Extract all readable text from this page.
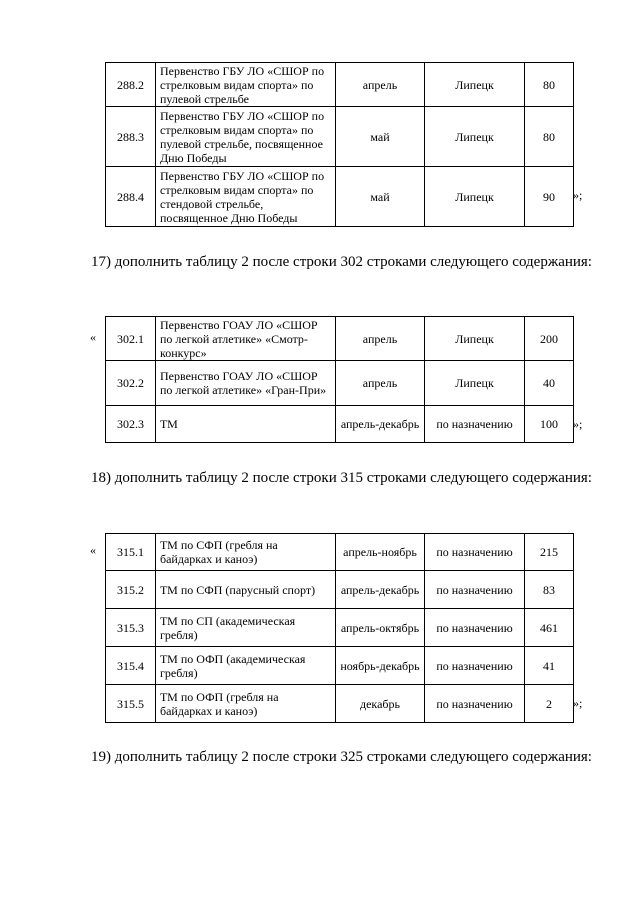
288.2	Первенство ГБУ ЛО «СШОР по стрелковым видам спорта» по пулевой стрельбе	апрель	Липецк	80
288.3	Первенство ГБУ ЛО «СШОР по стрелковым видам спорта» по пулевой стрельбе, посвященное Дню Победы	май	Липецк	80
288.4	Первенство ГБУ ЛО «СШОР по стрелковым видам спорта» по стендовой стрельбе, посвященное Дню Победы	май	Липецк	90 »;
17) дополнить таблицу 2 после строки 302 строками следующего содержания:
« 302.1	Первенство ГОАУ ЛО «СШОР по легкой атлетике» «Смотр-конкурс»	апрель	Липецк	200
302.2	Первенство ГОАУ ЛО «СШОР по легкой атлетике» «Гран-При»	апрель	Липецк	40
302.3	ТМ	апрель-декабрь	по назначению	100 »;
18) дополнить таблицу 2 после строки 315 строками следующего содержания:
« 315.1	ТМ по СФП (гребля на байдарках и каноэ)	апрель-ноябрь	по назначению	215
315.2	ТМ по СФП (парусный спорт)	апрель-декабрь	по назначению	83
315.3	ТМ по СП (академическая гребля)	апрель-октябрь	по назначению	461
315.4	ТМ по ОФП (академическая гребля)	ноябрь-декабрь	по назначению	41
315.5	ТМ по ОФП (гребля на байдарках и каноэ)	декабрь	по назначению	2 »;
19) дополнить таблицу 2 после строки 325 строками следующего содержания:
